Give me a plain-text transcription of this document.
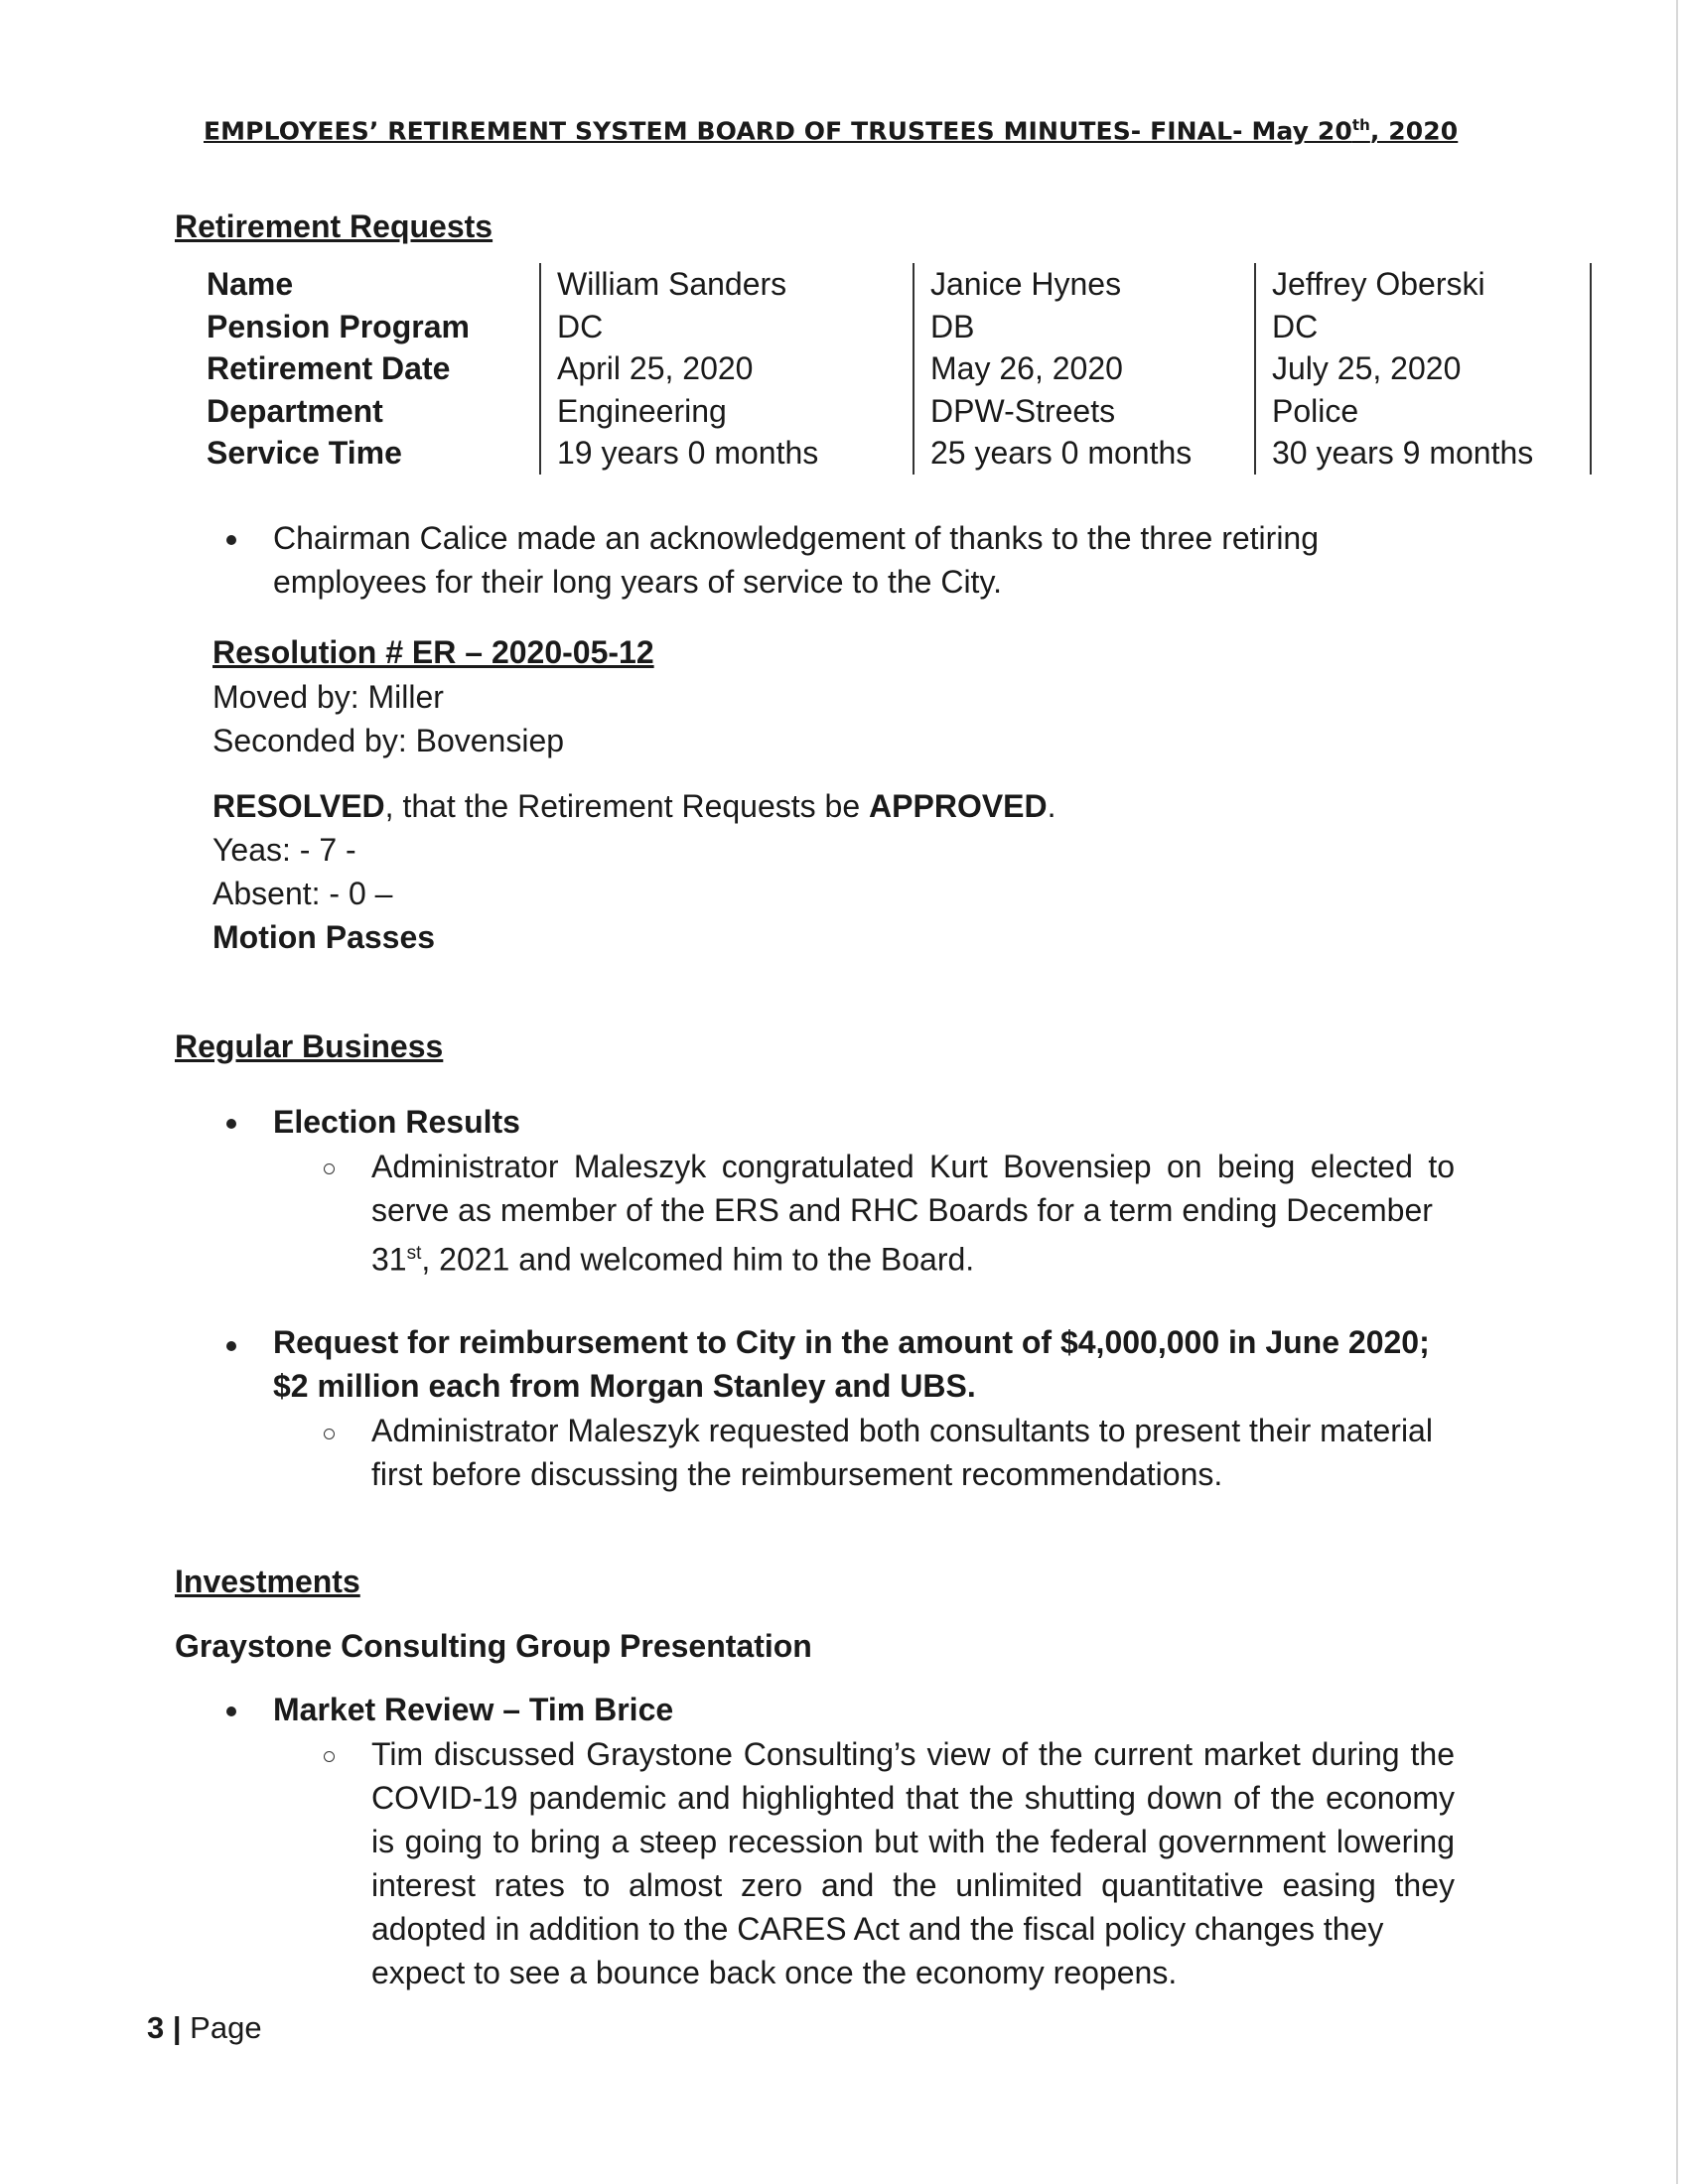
EMPLOYEES’ RETIREMENT SYSTEM BOARD OF TRUSTEES MINUTES- FINAL- May 20th, 2020
Retirement Requests
Name	William Sanders	Janice Hynes	Jeffrey Oberski
Pension Program	DC	DB	DC
Retirement Date	April 25, 2020	May 26, 2020	July 25, 2020
Department	Engineering	DPW-Streets	Police
Service Time	19 years 0 months	25 years 0 months	30 years 9 months
Chairman Calice made an acknowledgement of thanks to the three retiring
employees for their long years of service to the City.
Resolution # ER – 2020-05-12
Moved by: Miller
Seconded by: Bovensiep
RESOLVED, that the Retirement Requests be APPROVED.
Yeas: - 7 -
Absent: - 0 –
Motion Passes
Regular Business
Election Results
Administrator Maleszyk congratulated Kurt Bovensiep on being elected to serve as member of the ERS and RHC Boards for a term ending December
31st, 2021 and welcomed him to the Board.
Request for reimbursement to City in the amount of $4,000,000 in June 2020;
$2 million each from Morgan Stanley and UBS.
Administrator Maleszyk requested both consultants to present their material
first before discussing the reimbursement recommendations.
Investments
Graystone Consulting Group Presentation
Market Review – Tim Brice
Tim discussed Graystone Consulting’s view of the current market during the COVID-19 pandemic and highlighted that the shutting down of the economy is going to bring a steep recession but with the federal government lowering interest rates to almost zero and the unlimited quantitative easing they adopted in addition to the CARES Act and the fiscal policy changes they
expect to see a bounce back once the economy reopens.
3 | Page
